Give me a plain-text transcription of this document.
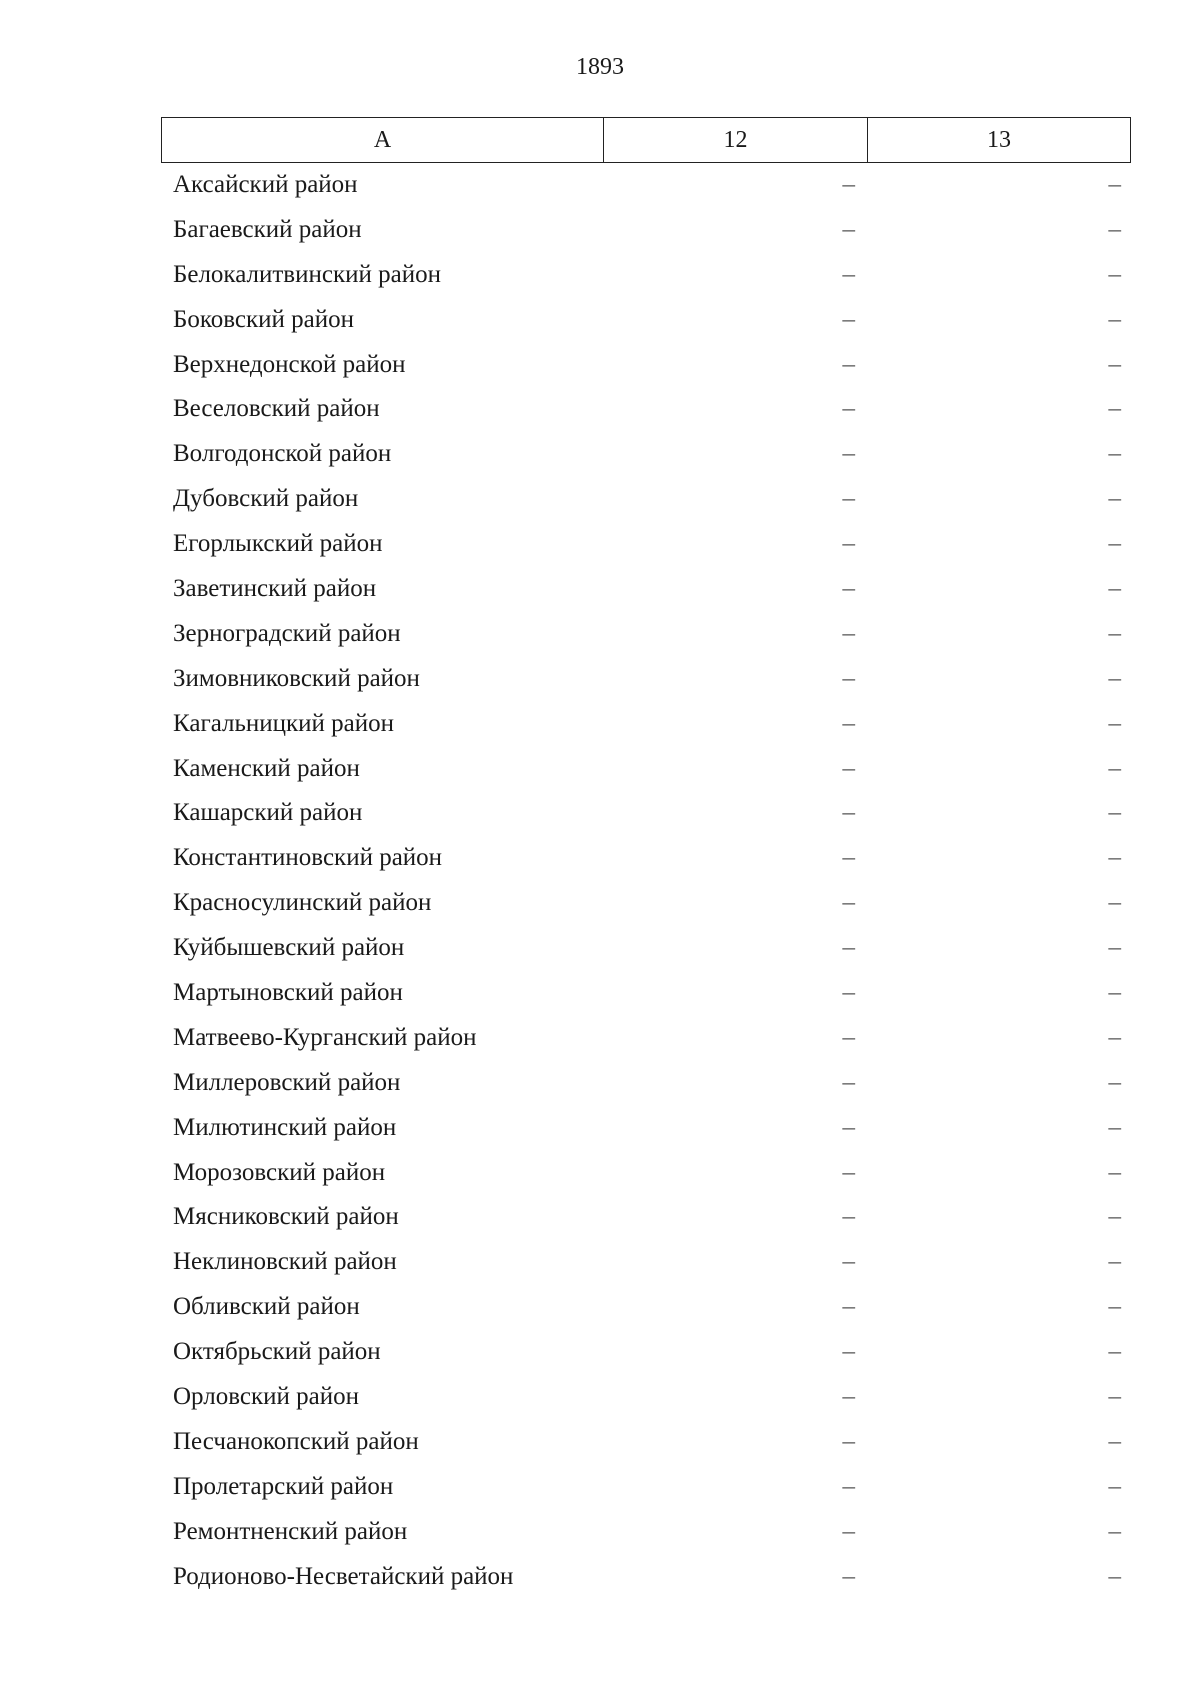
1893
А	12	13
Аксайский район	–	–
Багаевский район	–	–
Белокалитвинский район	–	–
Боковский район	–	–
Верхнедонской район	–	–
Веселовский район	–	–
Волгодонской район	–	–
Дубовский район	–	–
Егорлыкский район	–	–
Заветинский район	–	–
Зерноградский район	–	–
Зимовниковский район	–	–
Кагальницкий район	–	–
Каменский район	–	–
Кашарский район	–	–
Константиновский район	–	–
Красносулинский район	–	–
Куйбышевский район	–	–
Мартыновский район	–	–
Матвеево-Курганский район	–	–
Миллеровский район	–	–
Милютинский район	–	–
Морозовский район	–	–
Мясниковский район	–	–
Неклиновский район	–	–
Обливский район	–	–
Октябрьский район	–	–
Орловский район	–	–
Песчанокопский район	–	–
Пролетарский район	–	–
Ремонтненский район	–	–
Родионово-Несветайский район	–	–
